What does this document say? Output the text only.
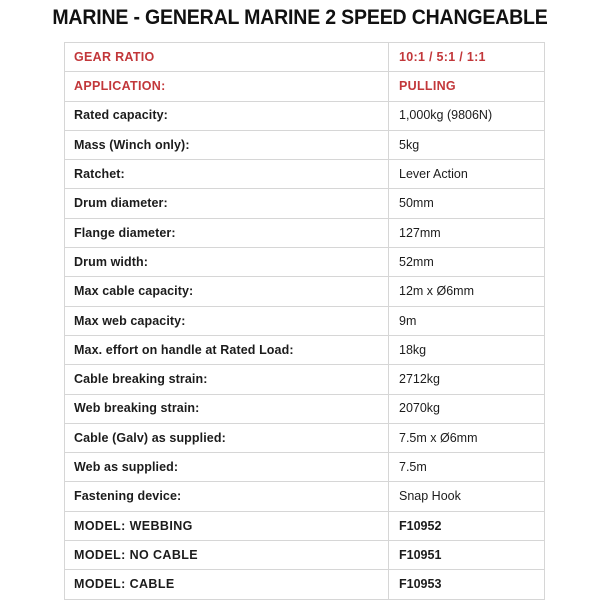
MARINE - GENERAL MARINE 2 SPEED CHANGEABLE
GEAR RATIO	10:1 / 5:1 / 1:1
APPLICATION:	PULLING
Rated capacity:	1,000kg (9806N)
Mass (Winch only):	5kg
Ratchet:	Lever Action
Drum diameter:	50mm
Flange diameter:	127mm
Drum width:	52mm
Max cable capacity:	12m x Ø6mm
Max web capacity:	9m
Max. effort on handle at Rated Load:	18kg
Cable breaking strain:	2712kg
Web breaking strain:	2070kg
Cable (Galv) as supplied:	7.5m x Ø6mm
Web as supplied:	7.5m
Fastening device:	Snap Hook
MODEL: WEBBING	F10952
MODEL: NO CABLE	F10951
MODEL: CABLE	F10953
